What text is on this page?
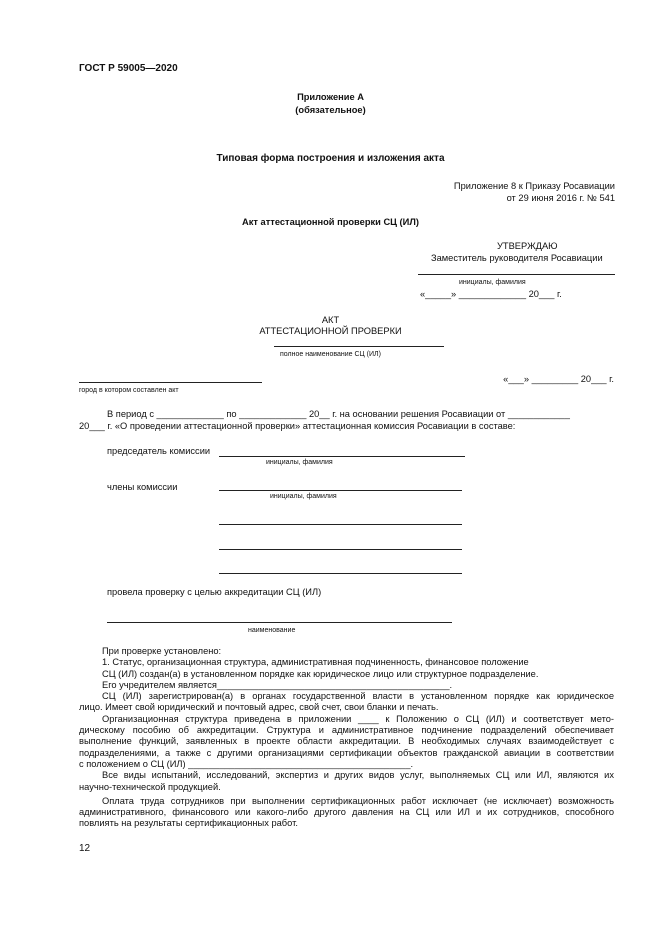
ГОСТ Р 59005—2020
Приложение А
(обязательное)
Типовая форма построения и изложения акта
Приложение 8 к Приказу Росавиации
от 29 июня 2016 г. № 541
Акт аттестационной проверки СЦ (ИЛ)
УТВЕРЖДАЮ
Заместитель руководителя Росавиации
инициалы, фамилия
«_____» _____________ 20___ г.
АКТ
АТТЕСТАЦИОННОЙ ПРОВЕРКИ
полное наименование СЦ (ИЛ)
город в котором составлен акт
«___» _________ 20___ г.
В период с _____________ по _____________ 20__ г. на основании решения Росавиации от ____________
20___ г. «О проведении аттестационной проверки» аттестационная комиссия Росавиации в составе:
председатель комиссии
инициалы, фамилия
члены комиссии
инициалы, фамилия
провела проверку с целью аккредитации СЦ (ИЛ)
наименование

При проверке установлено:

1. Статус, организационная структура, административная подчиненность, финансовое положение

СЦ (ИЛ) создан(а) в установленном порядке как юридическое лицо или структурное подразделение.

Его учредителем является_____________________________________________.

СЦ (ИЛ) зарегистрирован(а) в органах государственной власти в установленном порядке как юридическое

лицо. Имеет свой юридический и почтовый адрес, свой счет, свои бланки и печать.

Организационная структура приведена в приложении ____ к Положению о СЦ (ИЛ) и соответствует мето-

дическому пособию об аккредитации. Структура и административное подчинение подразделений обеспечивает

выполнение функций, заявленных в проекте области аккредитации. В необходимых случаях взаимодействует с

подразделениями, а также с другими организациями сертификации объектов гражданской авиации в соответствии

с положением о СЦ (ИЛ) ___________________________________________.

Все виды испытаний, исследований, экспертиз и других видов услуг, выполняемых СЦ или ИЛ, являются их

научно-технической продукцией.

Оплата труда сотрудников при выполнении сертификационных работ исключает (не исключает) возможность

административного, финансового или какого-либо другого давления на СЦ или ИЛ и их сотрудников, способного

повлиять на результаты сертификационных работ.

12
